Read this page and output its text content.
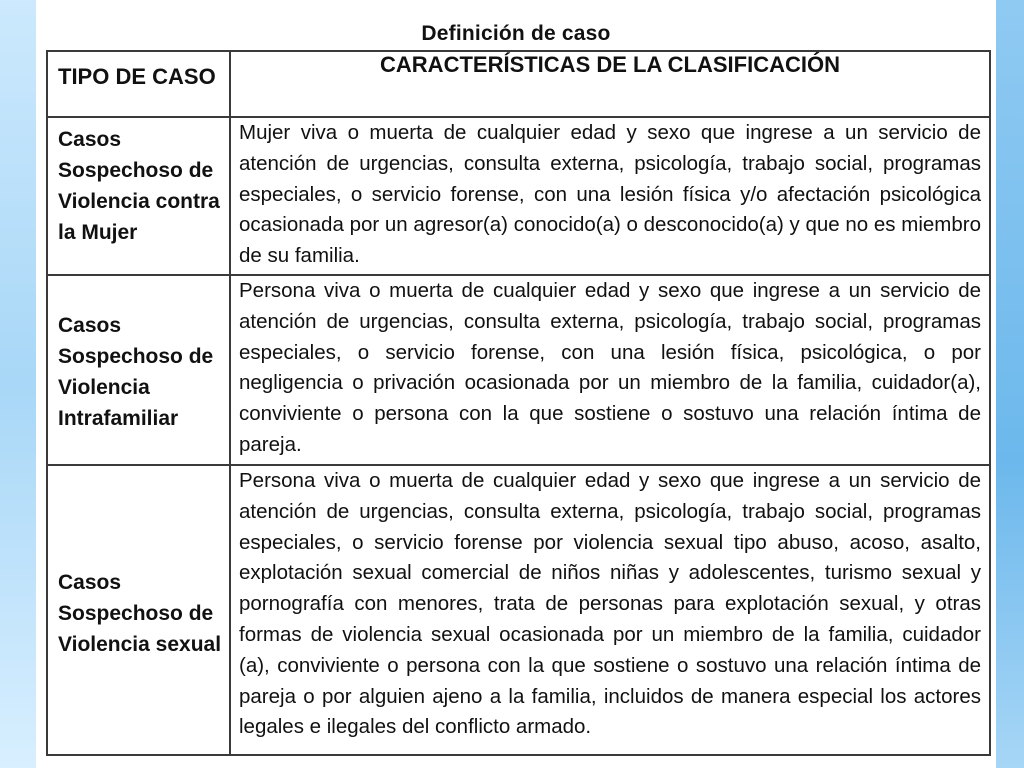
Definición de caso
TIPO DE CASO	CARACTERÍSTICAS DE LA CLASIFICACIÓN

Casos Sospechoso de Violencia contra la Mujer	Mujer viva o muerta de cualquier edad y sexo que ingrese a un servicio de atención de urgencias, consulta externa, psicología, trabajo social, programas especiales, o servicio forense, con una lesión física y/o afectación psicológica ocasionada por un agresor(a) conocido(a) o desconocido(a) y que no es miembro de su familia.
Casos Sospechoso de Violencia Intrafamiliar	Persona viva o muerta de cualquier edad y sexo que ingrese a un servicio de atención de urgencias, consulta externa, psicología, trabajo social, programas especiales, o servicio forense, con una lesión física, psicológica, o por negligencia o privación ocasionada por un miembro de la familia, cuidador(a), conviviente o persona con la que sostiene o sostuvo una relación íntima de pareja.
Casos Sospechoso de Violencia sexual	Persona viva o muerta de cualquier edad y sexo que ingrese a un servicio de atención de urgencias, consulta externa, psicología, trabajo social, programas especiales, o servicio forense por violencia sexual tipo abuso, acoso, asalto, explotación sexual comercial de niños niñas y adolescentes, turismo sexual y pornografía con menores, trata de personas para explotación sexual, y otras formas de violencia sexual ocasionada por un miembro de la familia, cuidador (a), conviviente o persona con la que sostiene o sostuvo una relación íntima de pareja o por alguien ajeno a la familia, incluidos de manera especial los actores legales e ilegales del conflicto armado.
